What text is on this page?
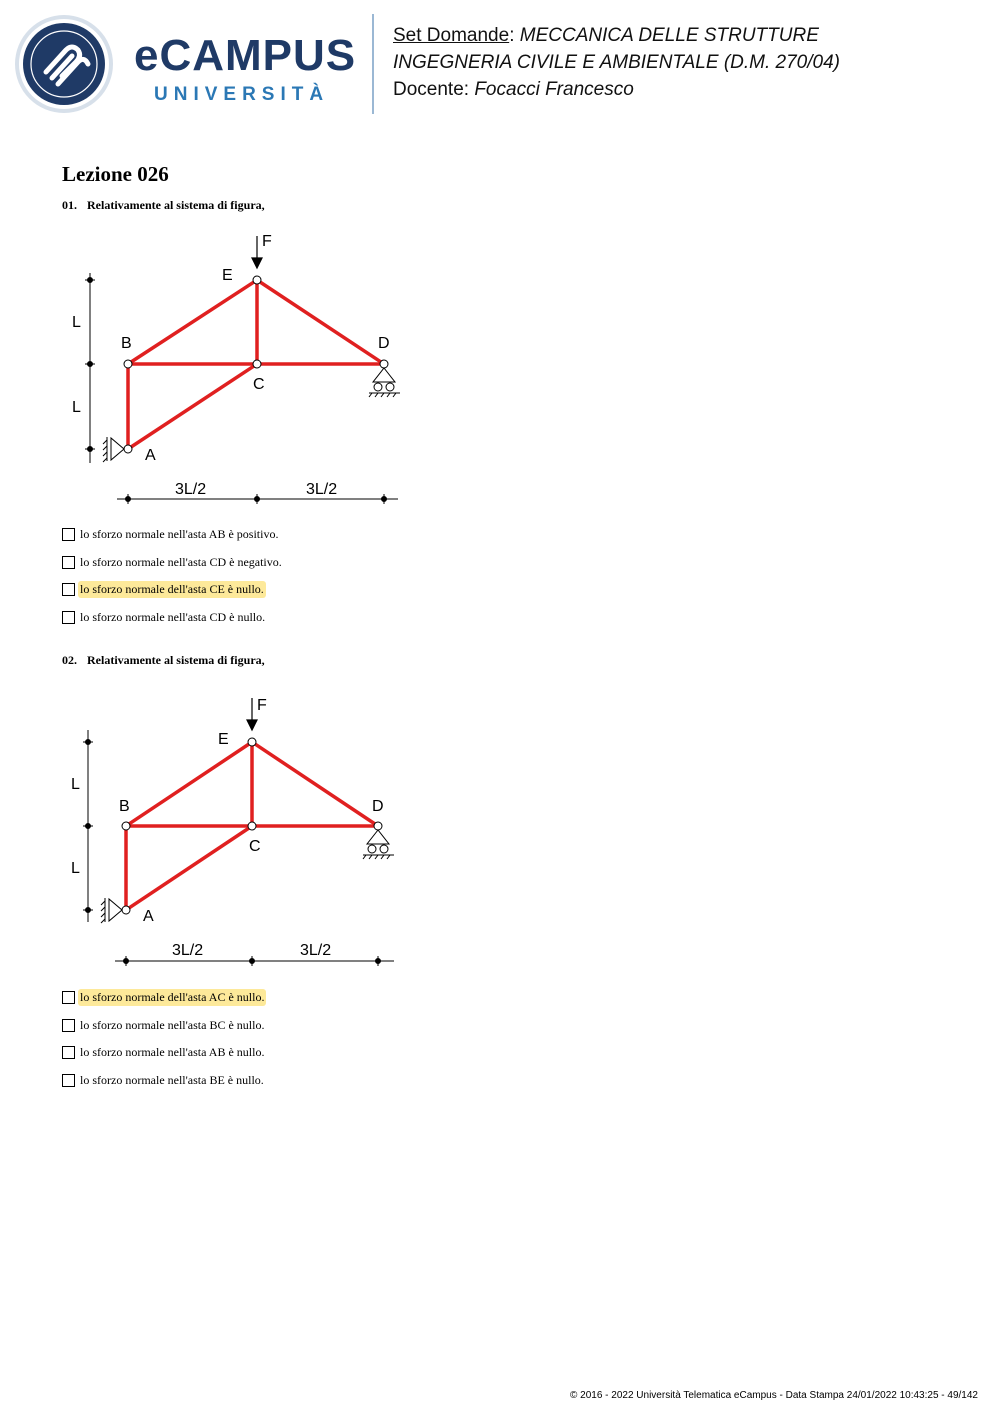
eCAMPUS
UNIVERSITÀ
Set Domande: MECCANICA DELLE STRUTTURE
INGEGNERIA CIVILE E AMBIENTALE (D.M. 270/04)
Docente: Focacci Francesco
Lezione 026
01. Relativamente al sistema di figura,
F
E
B
C
D
A
L
L
3L/2	3L/2
lo sforzo normale nell'asta AB è positivo.
lo sforzo normale nell'asta CD è negativo.
lo sforzo normale dell'asta CE è nullo.
lo sforzo normale nell'asta CD è nullo.
02. Relativamente al sistema di figura,
F
E
B
C
D
A
L
L
3L/2	3L/2
lo sforzo normale dell'asta AC è nullo.
lo sforzo normale nell'asta BC è nullo.
lo sforzo normale nell'asta AB è nullo.
lo sforzo normale nell'asta BE è nullo.
© 2016 - 2022 Università Telematica eCampus - Data Stampa 24/01/2022 10:43:25 - 49/142
